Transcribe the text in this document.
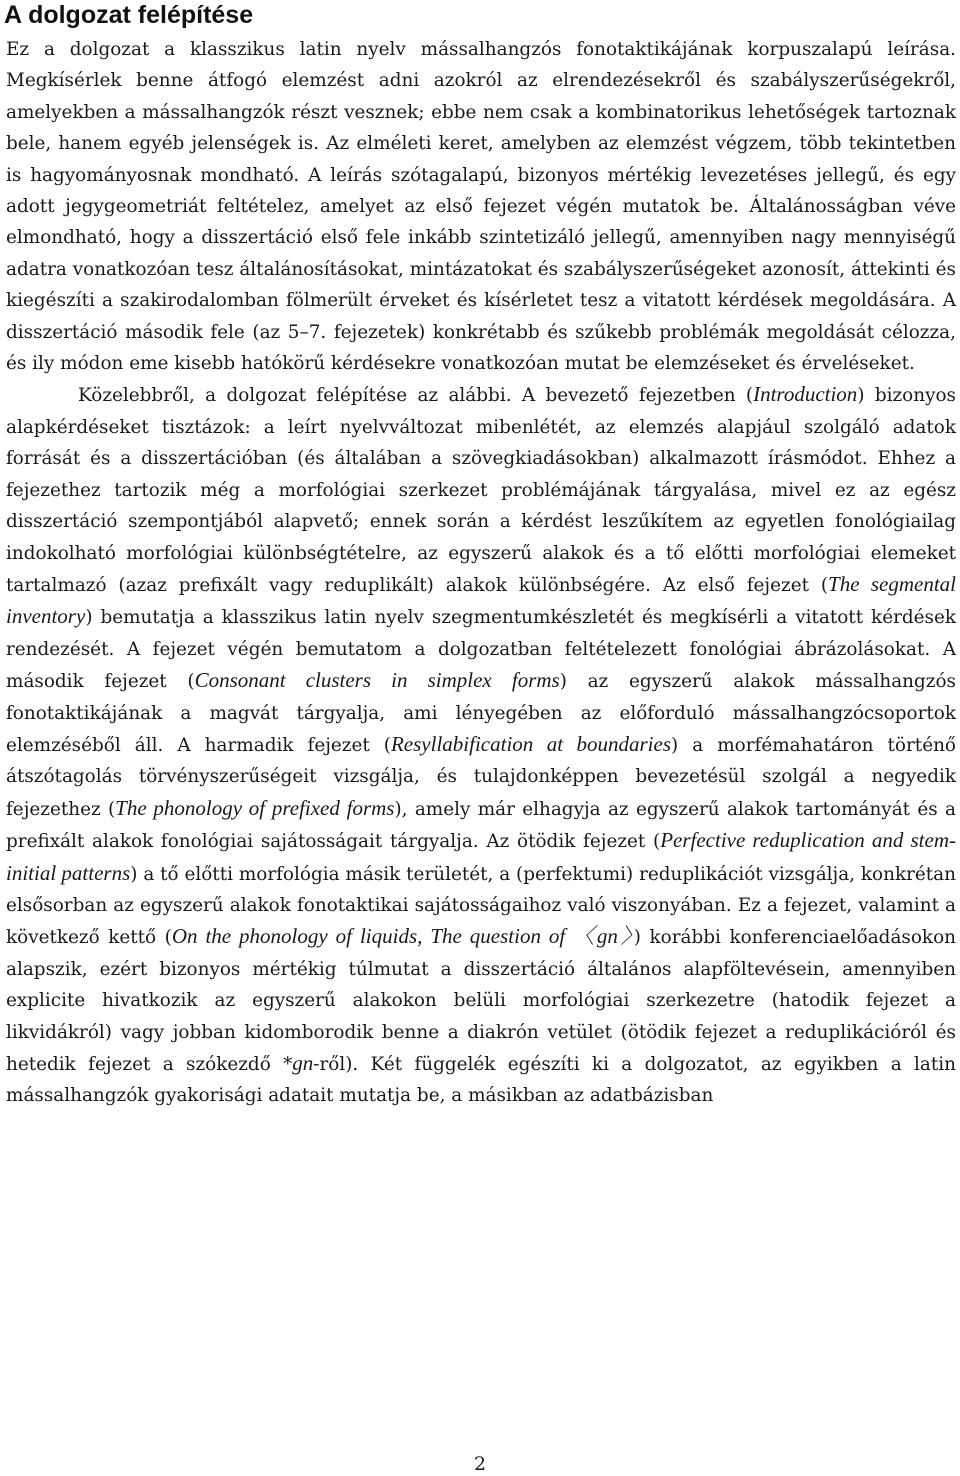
A dolgozat felépítése

Ez a dolgozat a klasszikus latin nyelv mássalhangzós fonotaktikájának korpuszalapú leírása. Megkísérlek benne átfogó elemzést adni azokról az elrendezésekről és szabályszerűségekről, amelyekben a mássalhangzók részt vesznek; ebbe nem csak a kombinatorikus lehetőségek tartoznak bele, hanem egyéb jelenségek is. Az elméleti keret, amelyben az elemzést végzem, több tekintetben is hagyományosnak mondható. A leírás szótagalapú, bizonyos mértékig levezetéses jellegű, és egy adott jegygeometriát feltételez, amelyet az első fejezet végén mutatok be. Általánosságban véve elmondható, hogy a disszertáció első fele inkább szintetizáló jellegű, amennyiben nagy mennyiségű adatra vonatkozóan tesz általánosításokat, mintázatokat és szabályszerűségeket azonosít, áttekinti és kiegészíti a szakirodalomban fölmerült érveket és kísérletet tesz a vitatott kérdések megoldására. A disszertáció második fele (az 5–7. fejezetek) konkrétabb és szűkebb problémák megoldását célozza, és ily módon eme kisebb hatókörű kérdésekre vonatkozóan mutat be elemzéseket és érveléseket.

Közelebbről, a dolgozat felépítése az alábbi. A bevezető fejezetben (Introduction) bizonyos alapkérdéseket tisztázok: a leírt nyelvváltozat mibenlétét, az elemzés alapjául szolgáló adatok forrását és a disszertációban (és általában a szövegkiadásokban) alkalmazott írásmódot. Ehhez a fejezethez tartozik még a morfológiai szerkezet problémájának tárgyalása, mivel ez az egész disszertáció szempontjából alapvető; ennek során a kérdést leszűkítem az egyetlen fonológiailag indokolható morfológiai különbségtételre, az egyszerű alakok és a tő előtti morfológiai elemeket tartalmazó (azaz prefixált vagy reduplikált) alakok különbségére. Az első fejezet (The segmental inventory) bemutatja a klasszikus latin nyelv szegmentumkészletét és megkísérli a vitatott kérdések rendezését. A fejezet végén bemutatom a dolgozatban feltételezett fonológiai ábrázolásokat. A második fejezet (Consonant clusters in simplex forms) az egyszerű alakok mássalhangzós fonotaktikájának a magvát tárgyalja, ami lényegében az előforduló mássalhangzócsoportok elemzéséből áll. A harmadik fejezet (Resyllabification at boundaries) a morfémahatáron történő átszótagolás törvényszerűségeit vizsgálja, és tulajdonképpen bevezetésül szolgál a negyedik fejezethez (The phonology of prefixed forms), amely már elhagyja az egyszerű alakok tartományát és a prefixált alakok fonológiai sajátosságait tárgyalja. Az ötödik fejezet (Perfective reduplication and stem-initial patterns) a tő előtti morfológia másik területét, a (perfektumi) reduplikációt vizsgálja, konkrétan elsősorban az egyszerű alakok fonotaktikai sajátosságaihoz való viszonyában. Ez a fejezet, valamint a következő kettő (On the phonology of liquids, The question of 〈gn〉) korábbi konferenciaelőadásokon alapszik, ezért bizonyos mértékig túlmutat a disszertáció általános alapföltevésein, amennyiben explicite hivatkozik az egyszerű alakokon belüli morfológiai szerkezetre (hatodik fejezet a likvidákról) vagy jobban kidomborodik benne a diakrón vetület (ötödik fejezet a reduplikációról és hetedik fejezet a szókezdő *gn-ről). Két függelék egészíti ki a dolgozatot, az egyikben a latin mássalhangzók gyakorisági adatait mutatja be, a másikban az adatbázisban

2
